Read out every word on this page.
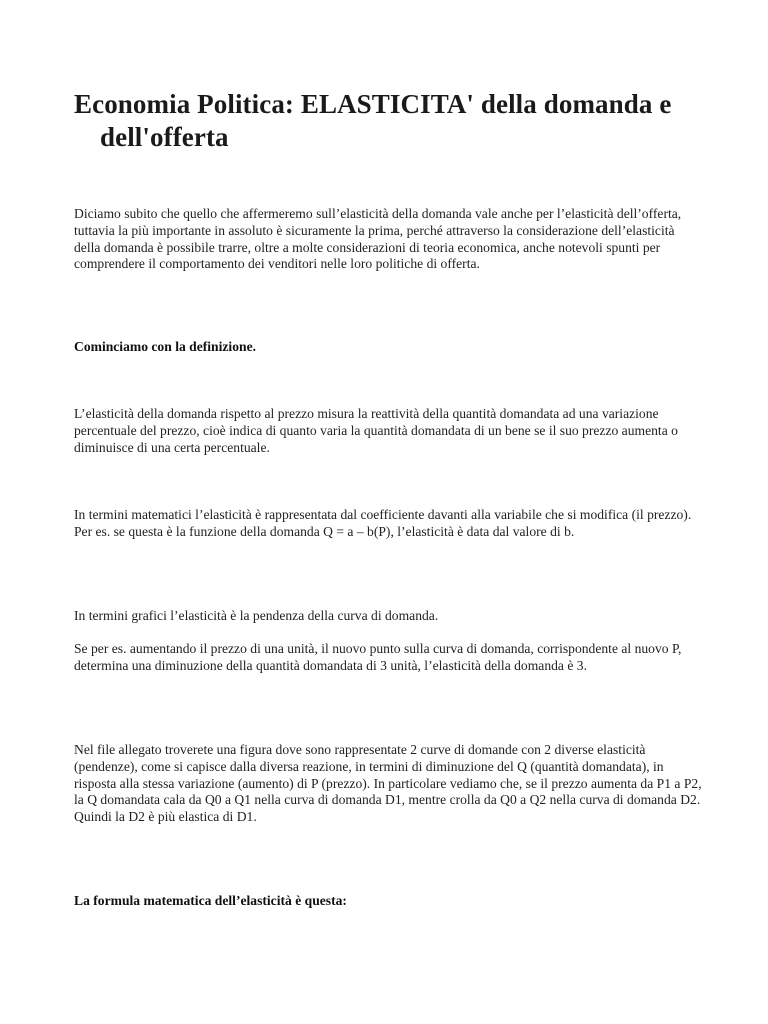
Economia Politica: ELASTICITA' della domanda e dell'offerta

Diciamo subito che quello che affermeremo sull’elasticità della domanda vale anche per l’elasticità dell’offerta, tuttavia la più importante in assoluto è sicuramente la prima, perché attraverso la considerazione dell’elasticità della domanda è possibile trarre, oltre a molte considerazioni di teoria economica, anche notevoli spunti per comprendere il comportamento dei venditori nelle loro politiche di offerta.

Cominciamo con la definizione.

L’elasticità della domanda rispetto al prezzo misura la reattività della quantità domandata ad una variazione percentuale del prezzo, cioè indica di quanto varia la quantità domandata di un bene se il suo prezzo aumenta o diminuisce di una certa percentuale.

In termini matematici l’elasticità è rappresentata dal coefficiente davanti alla variabile che si modifica (il prezzo). Per es. se questa è la funzione della domanda Q = a – b(P), l’elasticità è data dal valore di b.

In termini grafici l’elasticità è la pendenza della curva di domanda.

Se per es. aumentando il prezzo di una unità, il nuovo punto sulla curva di domanda, corrispondente al nuovo P, determina una diminuzione della quantità domandata di 3 unità, l’elasticità della domanda è 3.

Nel file allegato troverete una figura dove sono rappresentate 2 curve di domande con 2 diverse elasticità (pendenze), come si capisce dalla diversa reazione, in termini di diminuzione del Q (quantità domandata), in risposta alla stessa variazione (aumento) di P (prezzo). In particolare vediamo che, se il prezzo aumenta da P1 a P2, la Q domandata cala da Q0 a Q1 nella curva di domanda D1, mentre crolla da Q0 a Q2 nella curva di domanda D2. Quindi la D2 è più elastica di D1.

La formula matematica dell’elasticità è questa:
